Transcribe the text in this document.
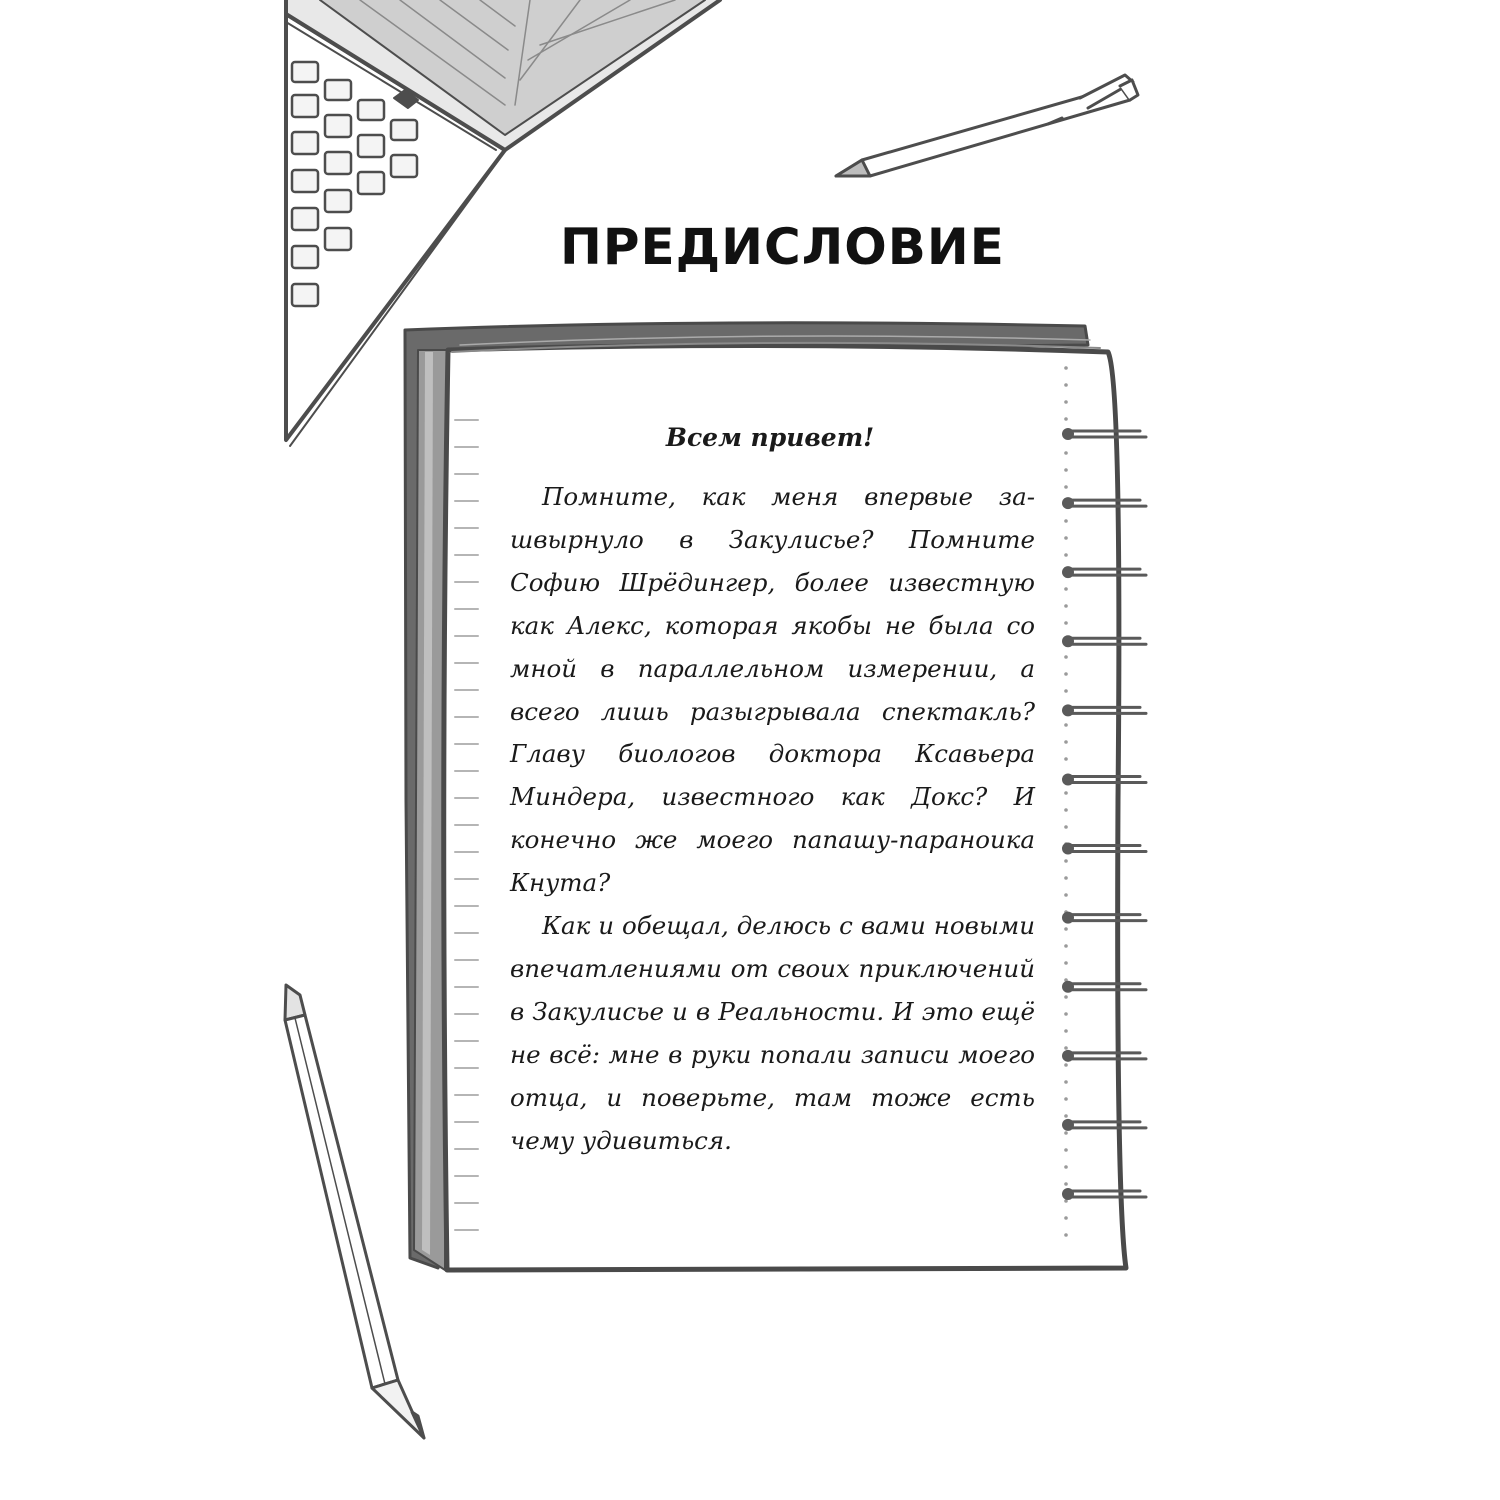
ПРЕДИСЛОВИЕ
Всем привет!

Помните, как меня впервые зашвырнуло в Закулисье? Помните Софию Шрёдингер, более известную как Алекс, которая якобы не была со мной в параллельном измерении, а всего лишь разыгрывала спектакль? Главу биологов доктора Ксавьера Миндера, известного как Докс? И конечно же моего папашу-параноика Кнута?

Как и обещал, делюсь с вами новыми впечатлениями от своих приключений в Закулисье и в Реальности. И это ещё не всё: мне в руки попали записи моего отца, и поверьте, там тоже есть чему удивиться.
